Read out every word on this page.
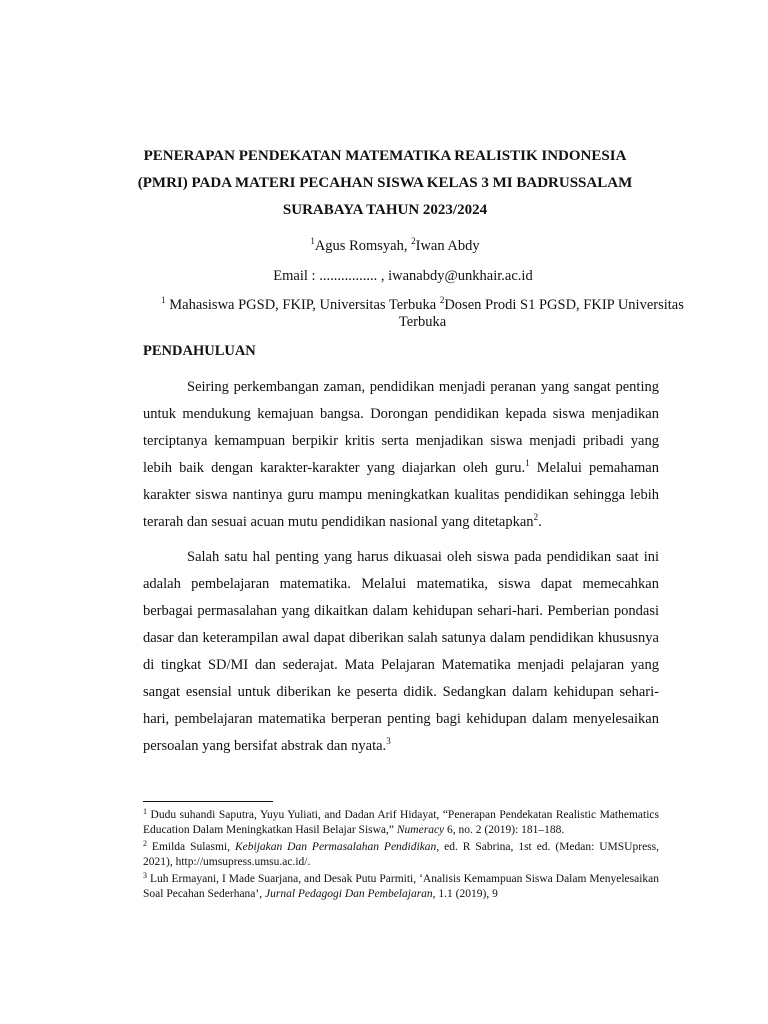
PENERAPAN PENDEKATAN MATEMATIKA REALISTIK INDONESIA
(PMRI) PADA MATERI PECAHAN SISWA KELAS 3 MI BADRUSSALAM
SURABAYA TAHUN 2023/2024
$^1$Agus Romsyah, $^2$Iwan Abdy
Email : ................ , iwanabdy@unkhair.ac.id
$^1$ Mahasiswa PGSD, FKIP, Universitas Terbuka $^2$Dosen Prodi S1 PGSD, FKIP Universitas Terbuka
PENDAHULUAN

Seiring perkembangan zaman, pendidikan menjadi peranan yang sangat penting untuk mendukung kemajuan bangsa. Dorongan pendidikan kepada siswa menjadikan terciptanya kemampuan berpikir kritis serta menjadikan siswa menjadi pribadi yang lebih baik dengan karakter-karakter yang diajarkan oleh guru.$^1$ Melalui pemahaman karakter siswa nantinya guru mampu meningkatkan kualitas pendidikan sehingga lebih terarah dan sesuai acuan mutu pendidikan nasional yang ditetapkan$^2$.

Salah satu hal penting yang harus dikuasai oleh siswa pada pendidikan saat ini adalah pembelajaran matematika. Melalui matematika, siswa dapat memecahkan berbagai permasalahan yang dikaitkan dalam kehidupan sehari-hari. Pemberian pondasi dasar dan keterampilan awal dapat diberikan salah satunya dalam pendidikan khususnya di tingkat SD/MI dan sederajat. Mata Pelajaran Matematika menjadi pelajaran yang sangat esensial untuk diberikan ke peserta didik. Sedangkan dalam kehidupan sehari-hari, pembelajaran matematika berperan penting bagi kehidupan dalam menyelesaikan persoalan yang bersifat abstrak dan nyata.$^3$

$^1$ Dudu suhandi Saputra, Yuyu Yuliati, and Dadan Arif Hidayat, “Penerapan Pendekatan Realistic Mathematics Education Dalam Meningkatkan Hasil Belajar Siswa,” Numeracy 6, no. 2 (2019): 181–188.

$^2$ Emilda Sulasmi, Kebijakan Dan Permasalahan Pendidikan, ed. R Sabrina, 1st ed. (Medan: UMSUpress, 2021), http://umsupress.umsu.ac.id/.

$^3$ Luh Ermayani, I Made Suarjana, and Desak Putu Parmiti, ‘Analisis Kemampuan Siswa Dalam Menyelesaikan Soal Pecahan Sederhana’, Jurnal Pedagogi Dan Pembelajaran, 1.1 (2019), 9
